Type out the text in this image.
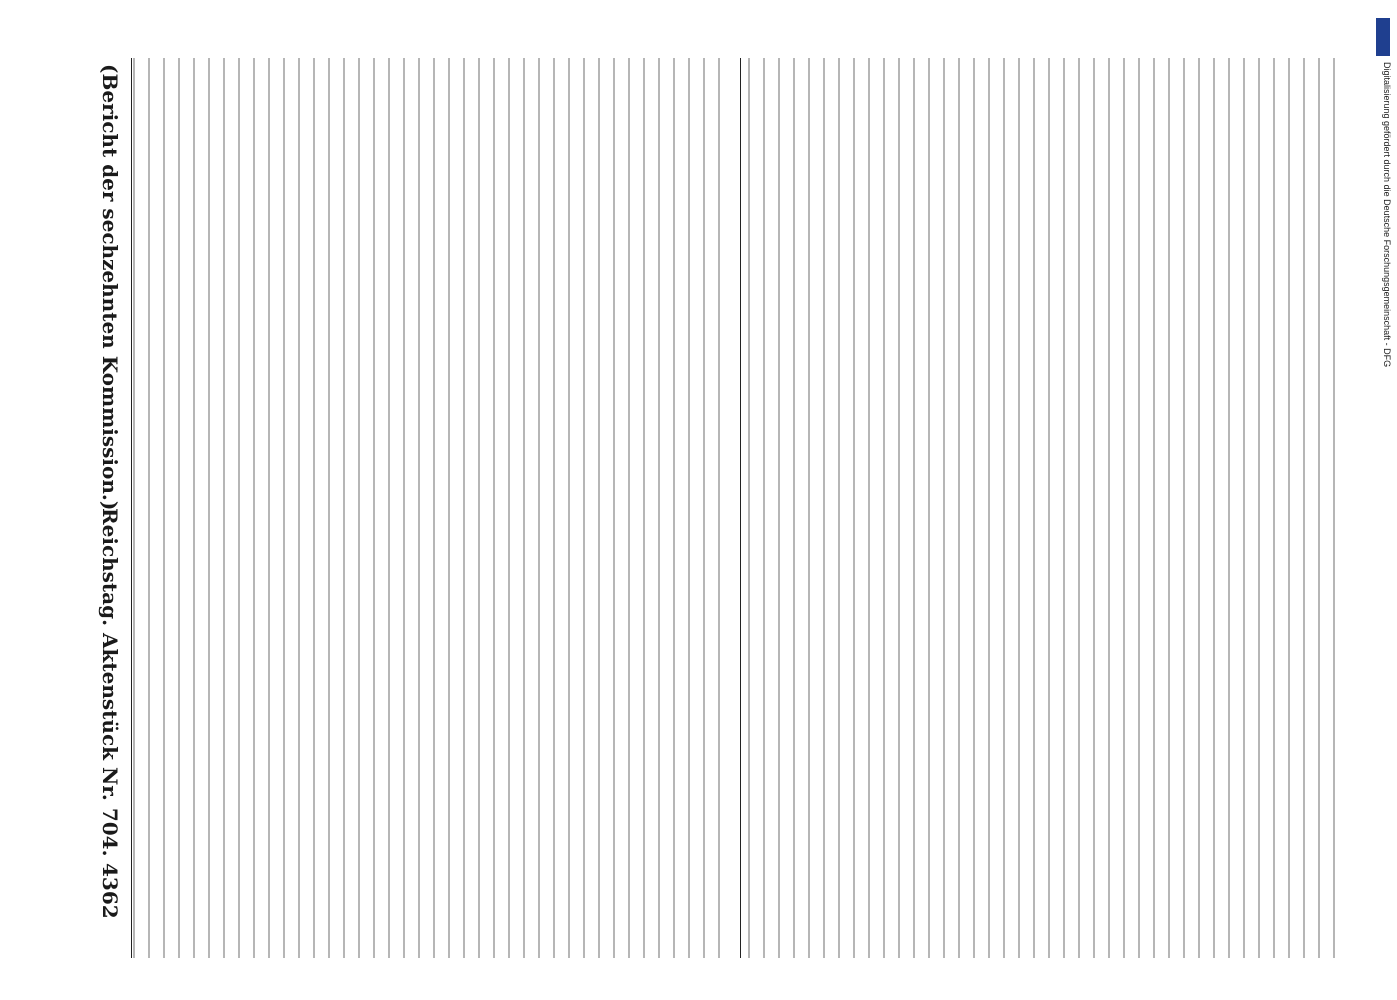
4362
Reichstag. Aktenstück Nr. 704.
(Bericht der sechzehnten Kommission.)	Digitalisierung gefördert durch die Deutsche Forschungsgemeinschaft - DFG
